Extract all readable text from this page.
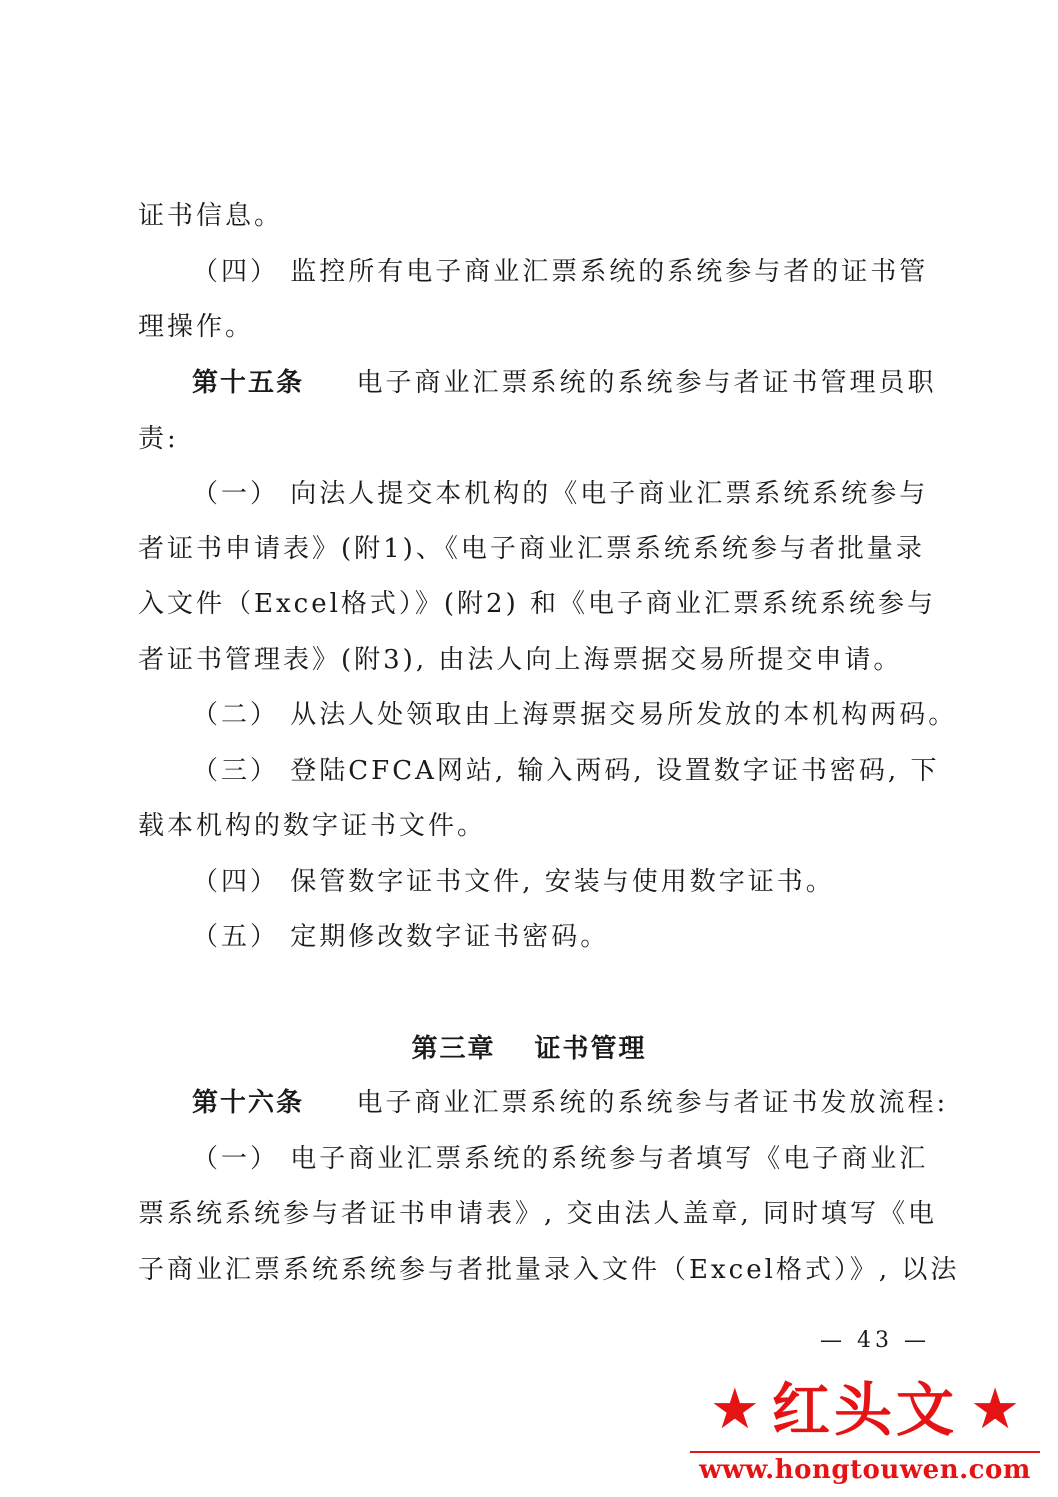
证书信息。
（四） 监控所有电子商业汇票系统的系统参与者的证书管
理操作。
第十五条 电子商业汇票系统的系统参与者证书管理员职
责:
（一） 向法人提交本机构的《电子商业汇票系统系统参与
者证书申请表》(附1)、《电子商业汇票系统系统参与者批量录
入文件（Excel格式）》(附2) 和《电子商业汇票系统系统参与
者证书管理表》(附3), 由法人向上海票据交易所提交申请。
（二） 从法人处领取由上海票据交易所发放的本机构两码。
（三） 登陆CFCA网站, 输入两码, 设置数字证书密码, 下
载本机构的数字证书文件。
（四） 保管数字证书文件, 安装与使用数字证书。
（五） 定期修改数字证书密码。
第三章 证书管理
第十六条 电子商业汇票系统的系统参与者证书发放流程:
（一） 电子商业汇票系统的系统参与者填写《电子商业汇
票系统系统参与者证书申请表》, 交由法人盖章, 同时填写《电
子商业汇票系统系统参与者批量录入文件（Excel格式）》, 以法
— 43 —
★ 红头文 ★
www.hongtouwen.com
